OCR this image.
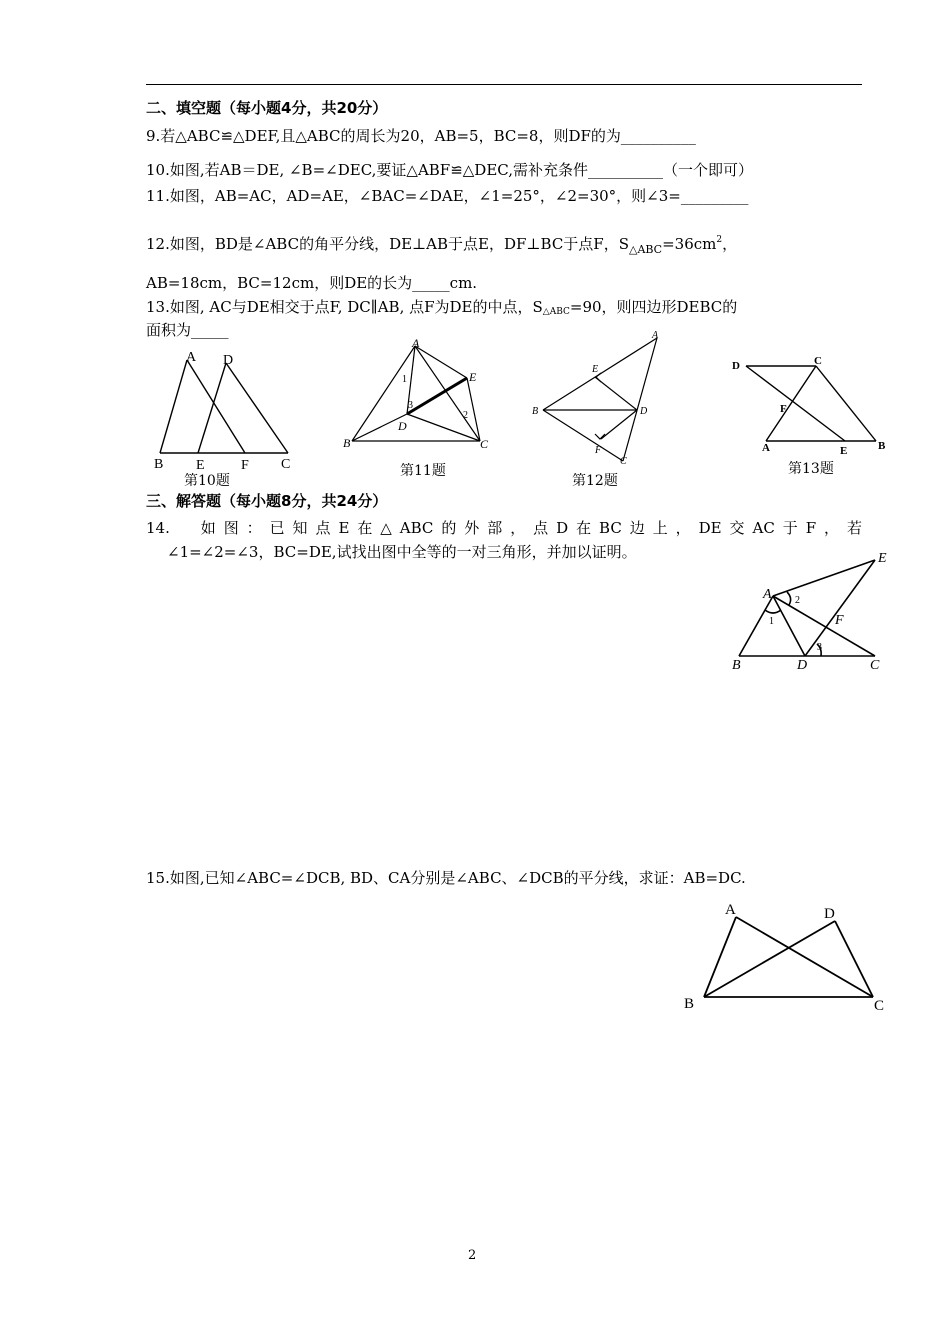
二、填空题（每小题4分，共20分）
9.若△ABC≌△DEF,且△ABC的周长为20，AB=5，BC=8，则DF的为__________
10.如图,若AB＝DE, ∠B=∠DEC,要证△ABF≌△DEC,需补充条件__________（一个即可）
11.如图，AB=AC，AD=AE，∠BAC=∠DAE，∠1=25°，∠2=30°，则∠3=_________
12.如图，BD是∠ABC的角平分线，DE⊥AB于点E，DF⊥BC于点F，$S_{\triangle ABC}=36cm^2$，
AB=18cm，BC=12cm，则DE的长为_____cm.
13.如图, AC与DE相交于点F, DC∥AB, 点F为DE的中点，S△ABC=90，则四边形DEBC的
面积为_____
A D
B E	F C
第10题
A
E
D
B	C
1
2
3
第11题
A
E
B	D
F
C
第12题
D	C
F
A	E	B
第13题
三、解答题（每小题8分，共24分）
14.　如图：已知点E在△ABC的外部，点D在BC边上，DE交AC于F，若
∠1=∠2=∠3，BC=DE,试找出图中全等的一对三角形，并加以证明。
A
E
B	D	C
F
1
2
3
15.如图,已知∠ABC=∠DCB, BD、CA分别是∠ABC、∠DCB的平分线，求证：AB=DC.
A	D
B	C
2
